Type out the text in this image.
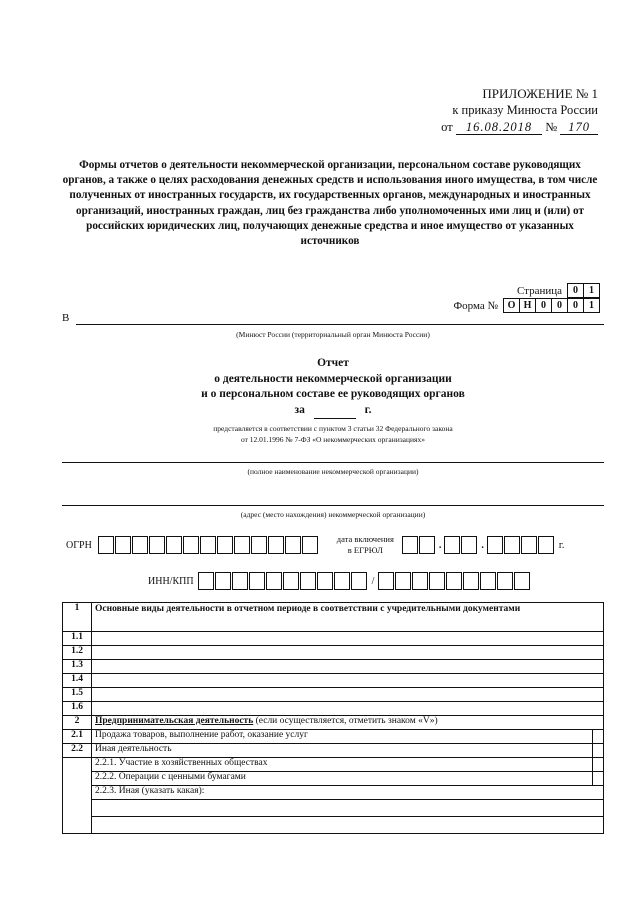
ПРИЛОЖЕНИЕ № 1
к приказу Минюста России
от 16.08.2018 № 170
Формы отчетов о деятельности некоммерческой организации, персональном составе руководящих органов, а также о целях расходования денежных средств и использования иного имущества, в том числе полученных от иностранных государств, их государственных органов, международных и иностранных организаций, иностранных граждан, лиц без гражданства либо уполномоченных ими лиц и (или) от российских юридических лиц, получающих денежные средства и иное имущество от указанных источников
Страница	0	1
Форма № О Н 0	0	0	1
В
(Минюст России (территориальный орган Минюста России)
Отчет
о деятельности некоммерческой организации
и о персональном составе ее руководящих органов
за	г.
представляется в соответствии с пунктом 3 статьи 32 Федерального закона
от 12.01.1996 № 7-ФЗ «О некоммерческих организациях»
(полное наименование некоммерческой организации)
(адрес (место нахождения) некоммерческой организации)
ОГРН
дата включения
в ЕГРЮЛ	.	.	г.
ИНН/КПП	/
1	Основные виды деятельности в отчетном периоде в соответствии с учредительными документами	
1.1		
1.2		
1.3		
1.4		
1.5		
1.6		
2	Предпринимательская деятельность (если осуществляется, отметить знаком «V»)	
2.1	Продажа товаров, выполнение работ, оказание услуг	
2.2	Иная деятельность	
	2.2.1. Участие в хозяйственных обществах	
	2.2.2. Операции с ценными бумагами	
	2.2.3. Иная (указать какая):	
